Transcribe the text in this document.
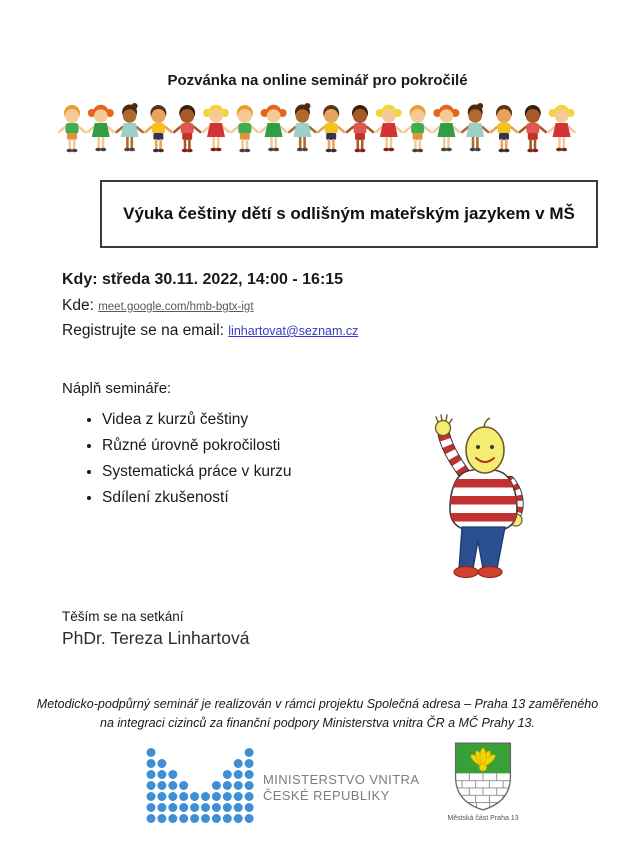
Pozvánka na online seminář pro pokročilé
Výuka češtiny dětí s odlišným mateřským jazykem v MŠ
Kdy: středa 30.11. 2022, 14:00 - 16:15
Kde: meet.google.com/hmb-bgtx-igt
Registrujte se na email: linhartovat@seznam.cz
Náplň semináře:
• Videa z kurzů češtiny
• Různé úrovně pokročilosti
• Systematická práce v kurzu
• Sdílení zkušeností
Těším se na setkání
PhDr. Tereza Linhartová
Metodicko-podpůrný seminář je realizován v rámci projektu Společná adresa – Praha 13 zaměřeného
na integraci cizinců za finanční podpory Ministerstva vnitra ČR a MČ Prahy 13.
MINISTERSTVO VNITRA
ČESKÉ REPUBLIKY
Městská část Praha 13
